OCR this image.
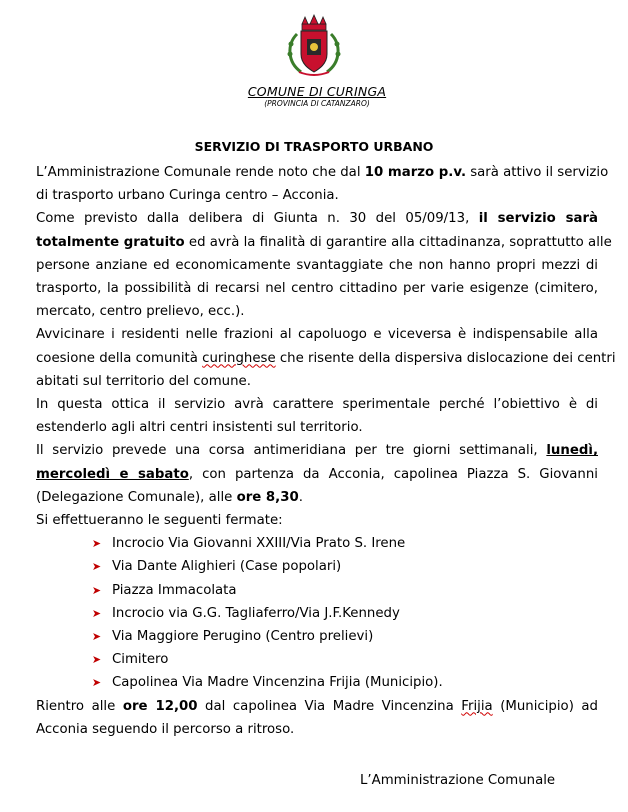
COMUNE DI CURINGA
(PROVINCIA DI CATANZARO)
SERVIZIO DI TRASPORTO URBANO

L’Amministrazione Comunale rende noto che dal 10 marzo p.v. sarà attivo il servizio
di trasporto urbano Curinga centro – Acconia.

Come previsto dalla delibera di Giunta n. 30 del 05/09/13, il servizio sarà
totalmente gratuito ed avrà la finalità di garantire alla cittadinanza, soprattutto alle
persone anziane ed economicamente svantaggiate che non hanno propri mezzi di
trasporto, la possibilità di recarsi nel centro cittadino per varie esigenze (cimitero,
mercato, centro prelievo, ecc.).

Avvicinare i residenti nelle frazioni al capoluogo e viceversa è indispensabile alla
coesione della comunità curinghese che risente della dispersiva dislocazione dei centri
abitati sul territorio del comune.

In questa ottica il servizio avrà carattere sperimentale perché l’obiettivo è di
estenderlo agli altri centri insistenti sul territorio.

Il servizio prevede una corsa antimeridiana per tre giorni settimanali, lunedì,
mercoledì e sabato, con partenza da Acconia, capolinea Piazza S. Giovanni
(Delegazione Comunale), alle ore 8,30.

Si effettueranno le seguenti fermate:

➤ Incrocio Via Giovanni XXIII/Via Prato S. Irene
➤ Via Dante Alighieri (Case popolari)
➤ Piazza Immacolata
➤ Incrocio via G.G. Tagliaferro/Via J.F.Kennedy
➤ Via Maggiore Perugino (Centro prelievi)
➤ Cimitero
➤ Capolinea Via Madre Vincenzina Frijia (Municipio).

Rientro alle ore 12,00 dal capolinea Via Madre Vincenzina Frijia (Municipio) ad
Acconia seguendo il percorso a ritroso.

L’Amministrazione Comunale
